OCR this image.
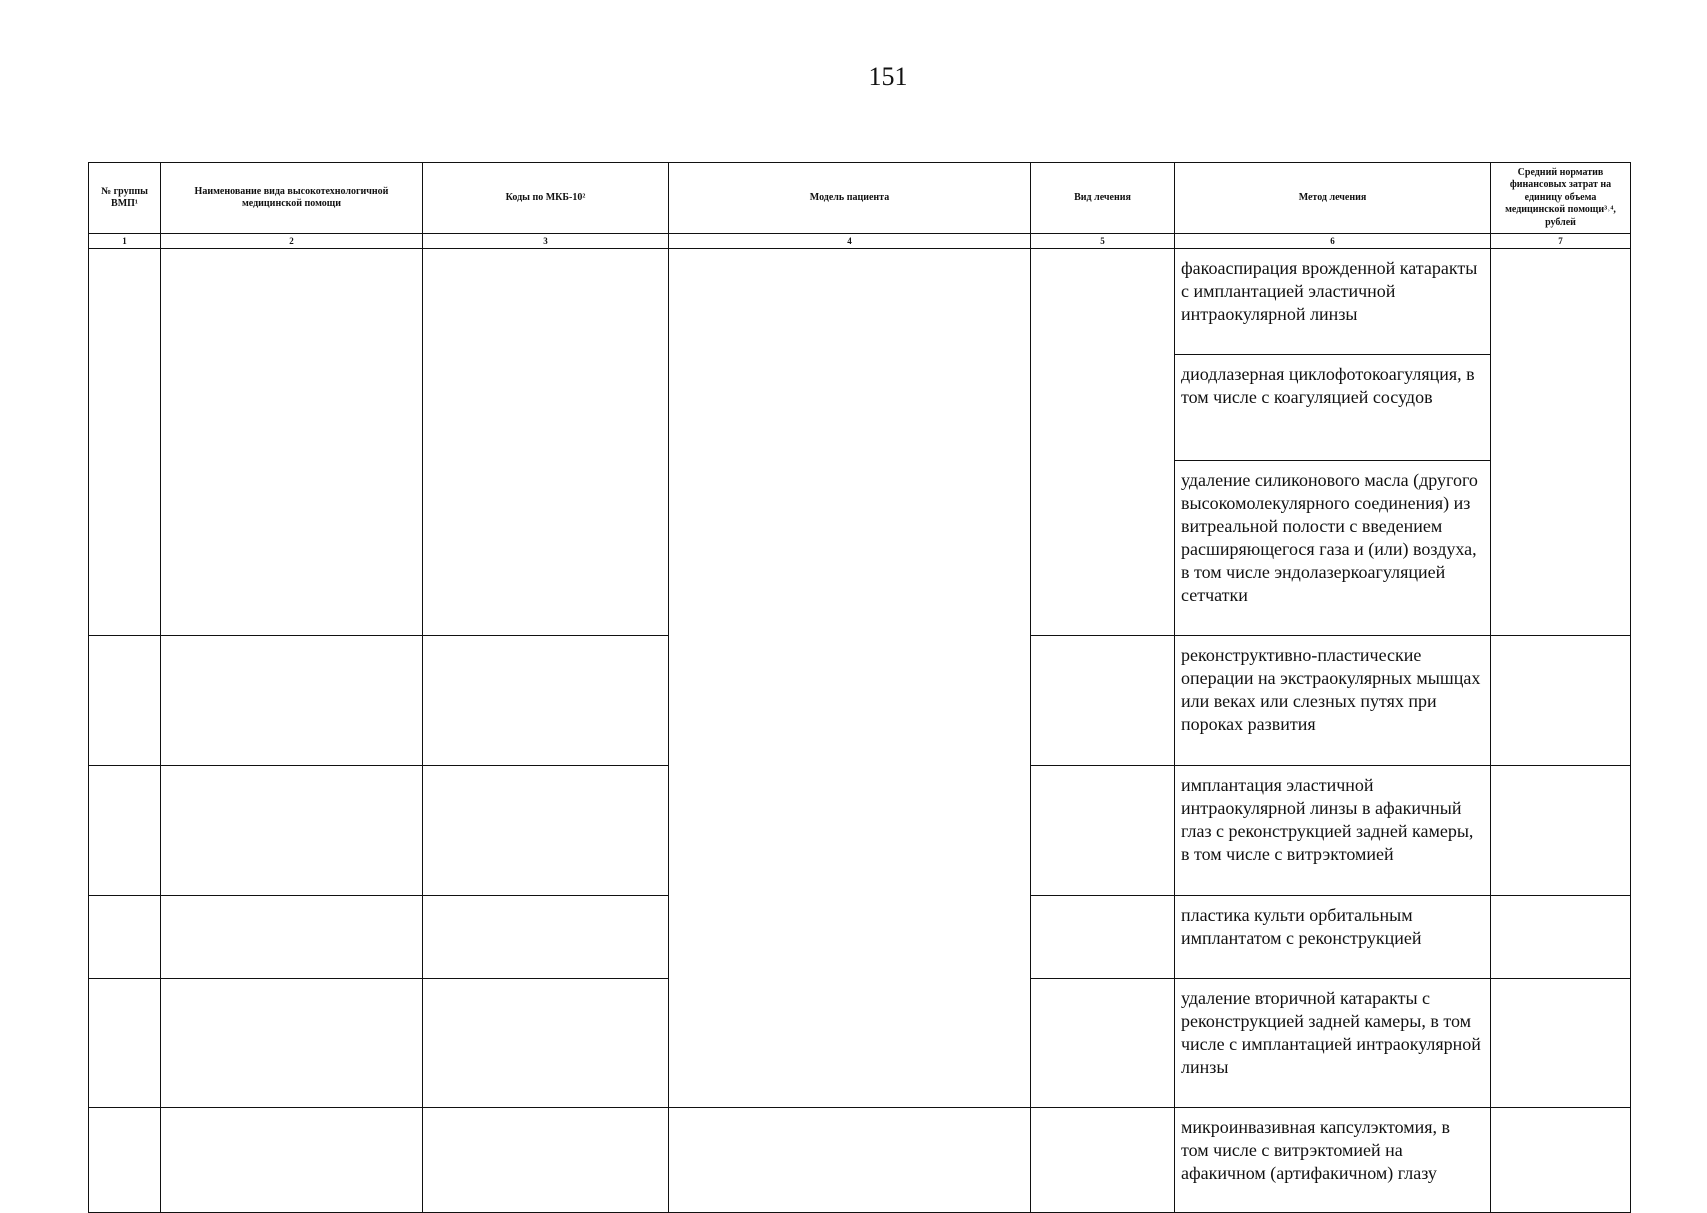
151
№ группы ВМП¹	Наименование вида высокотехнологичной медицинской помощи	Коды по МКБ-10²	Модель пациента	Вид лечения	Метод лечения	Средний норматив финансовых затрат на единицу объема медицинской помощи³˒⁴, рублей
1	2	3	4	5	6	7
					факоаспирация врожденной катаракты с имплантацией эластичной интраокулярной линзы	
					диодлазерная циклофотокоагуляция, в том числе с коагуляцией сосудов	
					удаление силиконового масла (другого высокомолекулярного соединения) из витреальной полости с введением расширяющегося газа и (или) воздуха, в том числе эндолазеркоагуляцией сетчатки	
					реконструктивно-пластические операции на экстраокулярных мышцах или веках или слезных путях при пороках развития	
					имплантация эластичной интраокулярной линзы в афакичный глаз с реконструкцией задней камеры, в том числе с витрэктомией	
					пластика культи орбитальным имплантатом с реконструкцией	
					удаление вторичной катаракты с реконструкцией задней камеры, в том числе с имплантацией интраокулярной линзы	
					микроинвазивная капсулэктомия, в том числе с витрэктомией на афакичном (артифакичном) глазу	
